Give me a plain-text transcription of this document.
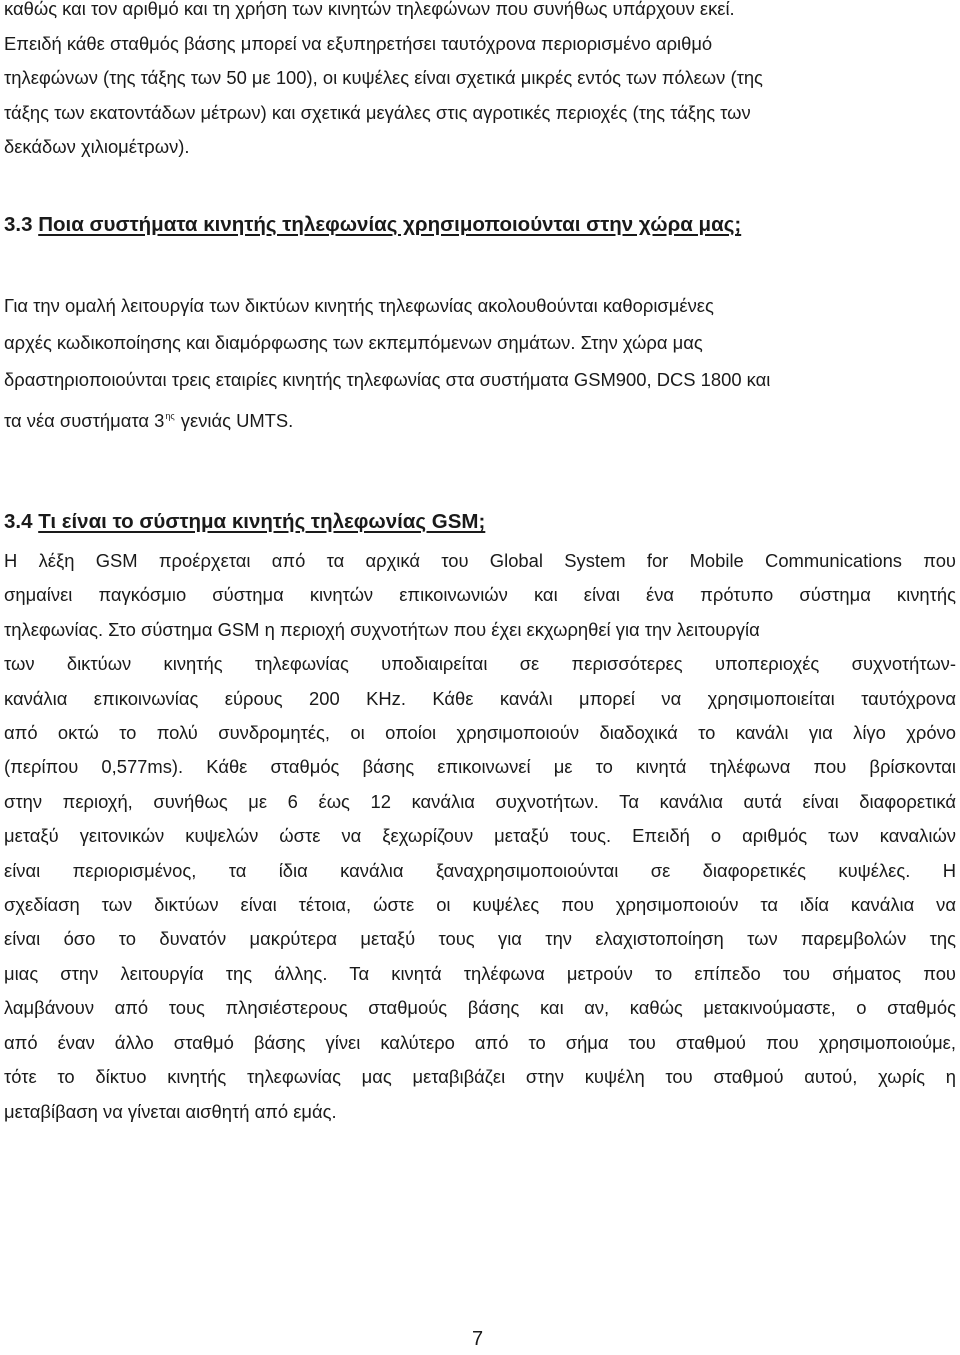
καθώς και τον αριθμό και τη χρήση των κινητών τηλεφώνων που συνήθως υπάρχουν εκεί.
Επειδή κάθε σταθμός βάσης μπορεί να εξυπηρετήσει ταυτόχρονα περιορισμένο αριθμό
τηλεφώνων (της τάξης των 50 με 100), οι κυψέλες είναι σχετικά μικρές εντός των πόλεων (της
τάξης των εκατοντάδων μέτρων) και σχετικά μεγάλες στις αγροτικές περιοχές (της τάξης των
δεκάδων χιλιομέτρων).

3.3 Ποια συστήματα κινητής τηλεφωνίας χρησιμοποιούνται στην χώρα μας;

Για την ομαλή λειτουργία των δικτύων κινητής τηλεφωνίας ακολουθούνται καθορισμένες
αρχές κωδικοποίησης και διαμόρφωσης των εκπεμπόμενων σημάτων. Στην χώρα μας
δραστηριοποιούνται τρεις εταιρίες κινητής τηλεφωνίας στα συστήματα GSM900, DCS 1800 και
τα νέα συστήματα $3^{\eta\varsigma}$ γενιάς UMTS.

3.4 Τι είναι το σύστημα κινητής τηλεφωνίας GSM;
Η λέξη GSM προέρχεται από τα αρχικά του Global System for Mobile Communications που
σημαίνει παγκόσμιο σύστημα κινητών επικοινωνιών και είναι ένα πρότυπο σύστημα κινητής
τηλεφωνίας. Στο σύστημα GSM η περιοχή συχνοτήτων που έχει εκχωρηθεί για την λειτουργία
των δικτύων κινητής τηλεφωνίας υποδιαιρείται σε περισσότερες υποπεριοχές συχνοτήτων-
κανάλια επικοινωνίας εύρους 200 KHz. Κάθε κανάλι μπορεί να χρησιμοποιείται ταυτόχρονα
από οκτώ το πολύ συνδρομητές, οι οποίοι χρησιμοποιούν διαδοχικά το κανάλι για λίγο χρόνο
(περίπου 0,577ms). Κάθε σταθμός βάσης επικοινωνεί με το κινητά τηλέφωνα που βρίσκονται
στην περιοχή, συνήθως με 6 έως 12 κανάλια συχνοτήτων. Τα κανάλια αυτά είναι διαφορετικά
μεταξύ γειτονικών κυψελών ώστε να ξεχωρίζουν μεταξύ τους. Επειδή ο αριθμός των καναλιών
είναι περιορισμένος, τα ίδια κανάλια ξαναχρησιμοποιούνται σε διαφορετικές κυψέλες. Η
σχεδίαση των δικτύων είναι τέτοια, ώστε οι κυψέλες που χρησιμοποιούν τα ιδία κανάλια να
είναι όσο το δυνατόν μακρύτερα μεταξύ τους για την ελαχιστοποίηση των παρεμβολών της
μιας στην λειτουργία της άλλης. Τα κινητά τηλέφωνα μετρούν το επίπεδο του σήματος που
λαμβάνουν από τους πλησιέστερους σταθμούς βάσης και αν, καθώς μετακινούμαστε, ο σταθμός
από έναν άλλο σταθμό βάσης γίνει καλύτερο από το σήμα του σταθμού που χρησιμοποιούμε,
τότε το δίκτυο κινητής τηλεφωνίας μας μεταβιβάζει στην κυψέλη του σταθμού αυτού, χωρίς η
μεταβίβαση να γίνεται αισθητή από εμάς.
7
